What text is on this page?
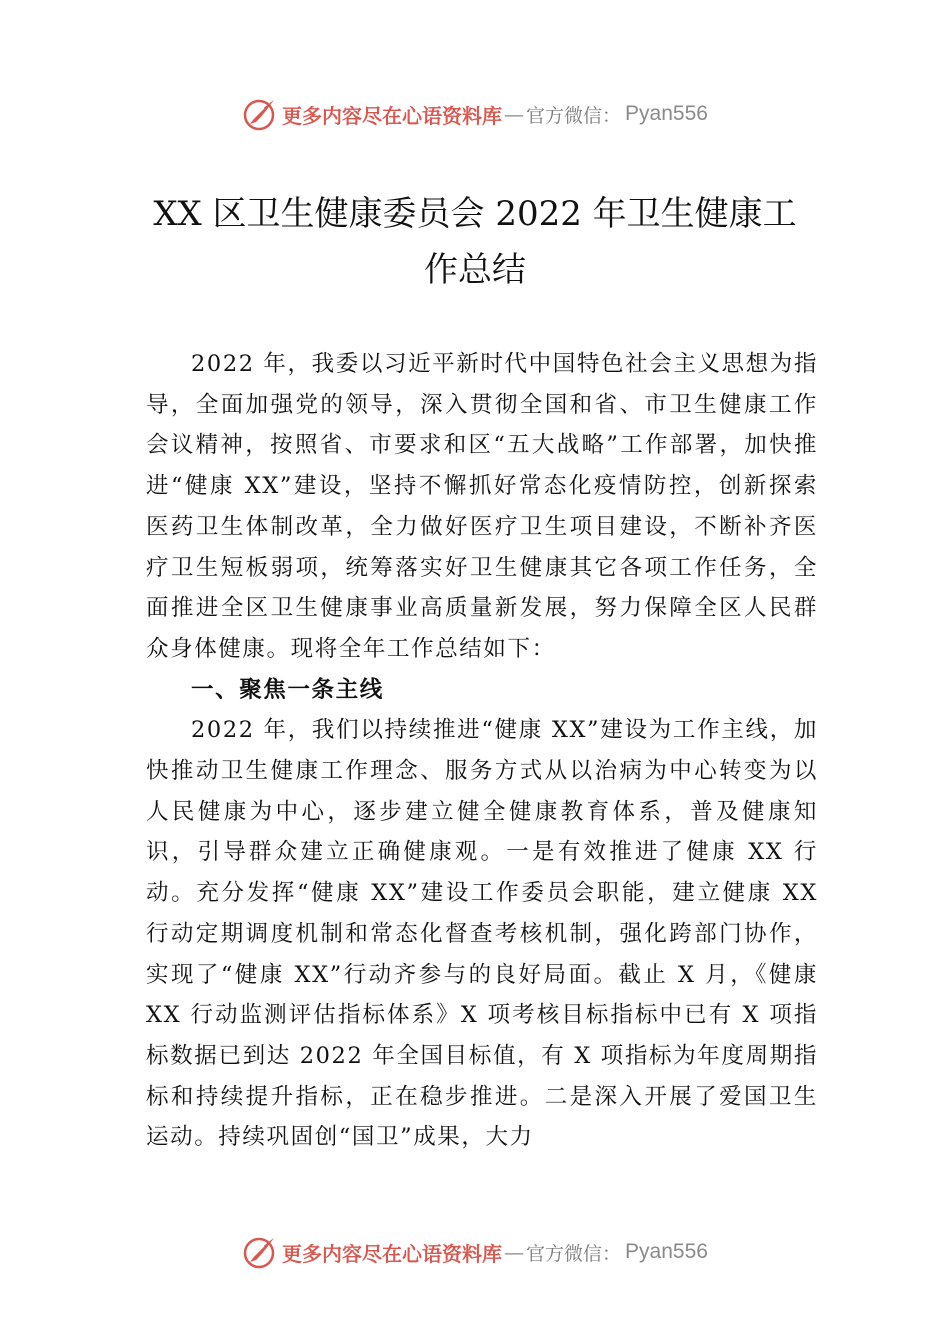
更多内容尽在心语资料库 — 官方微信： Pyan556
XX 区卫生健康委员会 2022 年卫生健康工
作总结

2022 年，我委以习近平新时代中国特色社会主义思想为指导，全面加强党的领导，深入贯彻全国和省、市卫生健康工作会议精神，按照省、市要求和区“五大战略”工作部署，加快推进“健康 XX”建设，坚持不懈抓好常态化疫情防控，创新探索医药卫生体制改革，全力做好医疗卫生项目建设，不断补齐医疗卫生短板弱项，统筹落实好卫生健康其它各项工作任务，全面推进全区卫生健康事业高质量新发展，努力保障全区人民群众身体健康。现将全年工作总结如下：

一、聚焦一条主线

2022 年，我们以持续推进“健康 XX”建设为工作主线，加快推动卫生健康工作理念、服务方式从以治病为中心转变为以人民健康为中心，逐步建立健全健康教育体系，普及健康知识，引导群众建立正确健康观。一是有效推进了健康 XX 行动。充分发挥“健康 XX”建设工作委员会职能，建立健康 XX 行动定期调度机制和常态化督查考核机制，强化跨部门协作，实现了“健康 XX”行动齐参与的良好局面。截止 X 月，《健康 XX 行动监测评估指标体系》X 项考核目标指标中已有 X 项指标数据已到达 2022 年全国目标值，有 X 项指标为年度周期指标和持续提升指标，正在稳步推进。二是深入开展了爱国卫生运动。持续巩固创“国卫”成果，大力

更多内容尽在心语资料库 — 官方微信： Pyan556
